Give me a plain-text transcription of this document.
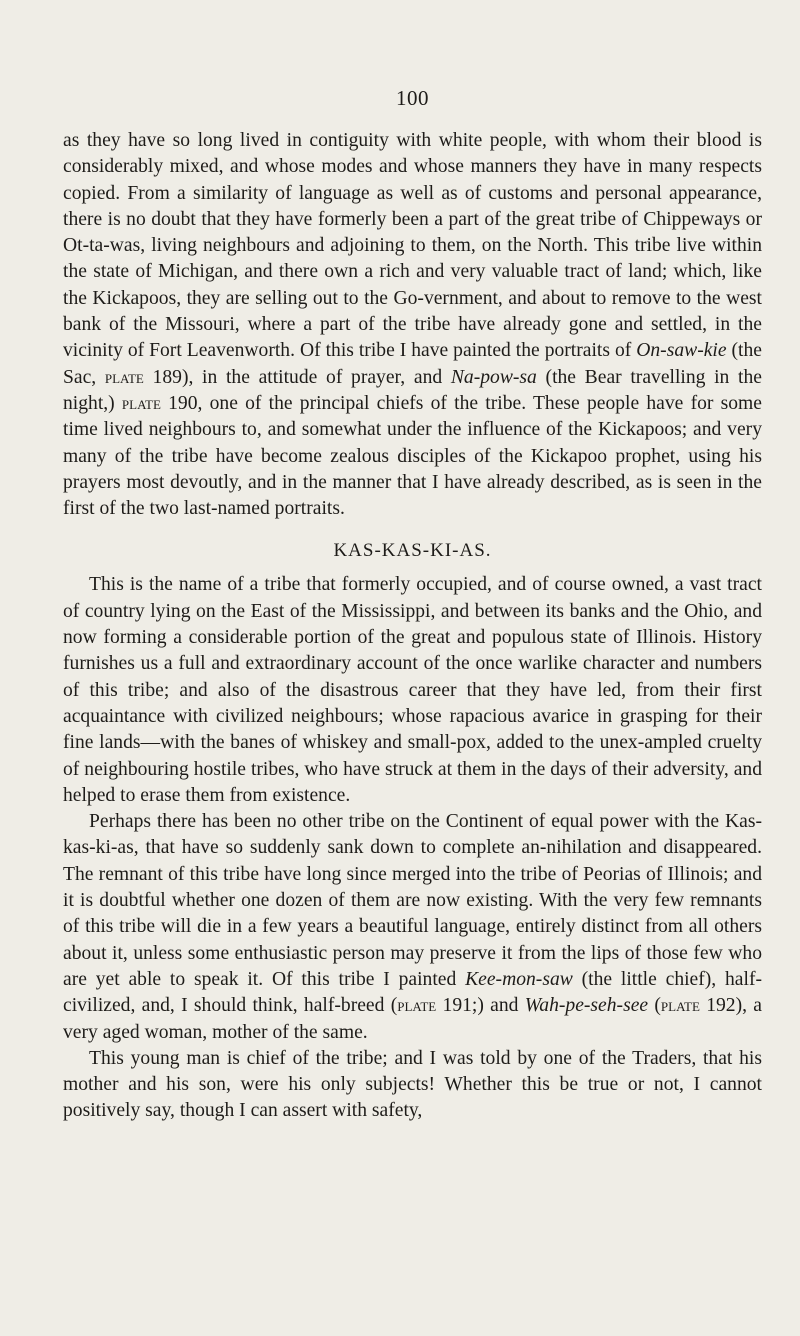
100

as they have so long lived in contiguity with white people, with whom their blood is considerably mixed, and whose modes and whose manners they have in many respects copied. From a similarity of language as well as of customs and personal appearance, there is no doubt that they have formerly been a part of the great tribe of Chippeways or Ot-ta-was, living neighbours and adjoining to them, on the North. This tribe live within the state of Michigan, and there own a rich and very valuable tract of land; which, like the Kickapoos, they are selling out to the Go-vernment, and about to remove to the west bank of the Missouri, where a part of the tribe have already gone and settled, in the vicinity of Fort Leavenworth. Of this tribe I have painted the portraits of On-saw-kie (the Sac, plate 189), in the attitude of prayer, and Na-pow-sa (the Bear travelling in the night,) plate 190, one of the principal chiefs of the tribe. These people have for some time lived neighbours to, and somewhat under the influence of the Kickapoos; and very many of the tribe have become zealous disciples of the Kickapoo prophet, using his prayers most devoutly, and in the manner that I have already described, as is seen in the first of the two last-named portraits.

KAS-KAS-KI-AS.

This is the name of a tribe that formerly occupied, and of course owned, a vast tract of country lying on the East of the Mississippi, and between its banks and the Ohio, and now forming a considerable portion of the great and populous state of Illinois. History furnishes us a full and extraordinary account of the once warlike character and numbers of this tribe; and also of the disastrous career that they have led, from their first acquaintance with civilized neighbours; whose rapacious avarice in grasping for their fine lands—with the banes of whiskey and small-pox, added to the unex-ampled cruelty of neighbouring hostile tribes, who have struck at them in the days of their adversity, and helped to erase them from existence.

Perhaps there has been no other tribe on the Continent of equal power with the Kas-kas-ki-as, that have so suddenly sank down to complete an-nihilation and disappeared. The remnant of this tribe have long since merged into the tribe of Peorias of Illinois; and it is doubtful whether one dozen of them are now existing. With the very few remnants of this tribe will die in a few years a beautiful language, entirely distinct from all others about it, unless some enthusiastic person may preserve it from the lips of those few who are yet able to speak it. Of this tribe I painted Kee-mon-saw (the little chief), half-civilized, and, I should think, half-breed (plate 191;) and Wah-pe-seh-see (plate 192), a very aged woman, mother of the same.

This young man is chief of the tribe; and I was told by one of the Traders, that his mother and his son, were his only subjects! Whether this be true or not, I cannot positively say, though I can assert with safety,
